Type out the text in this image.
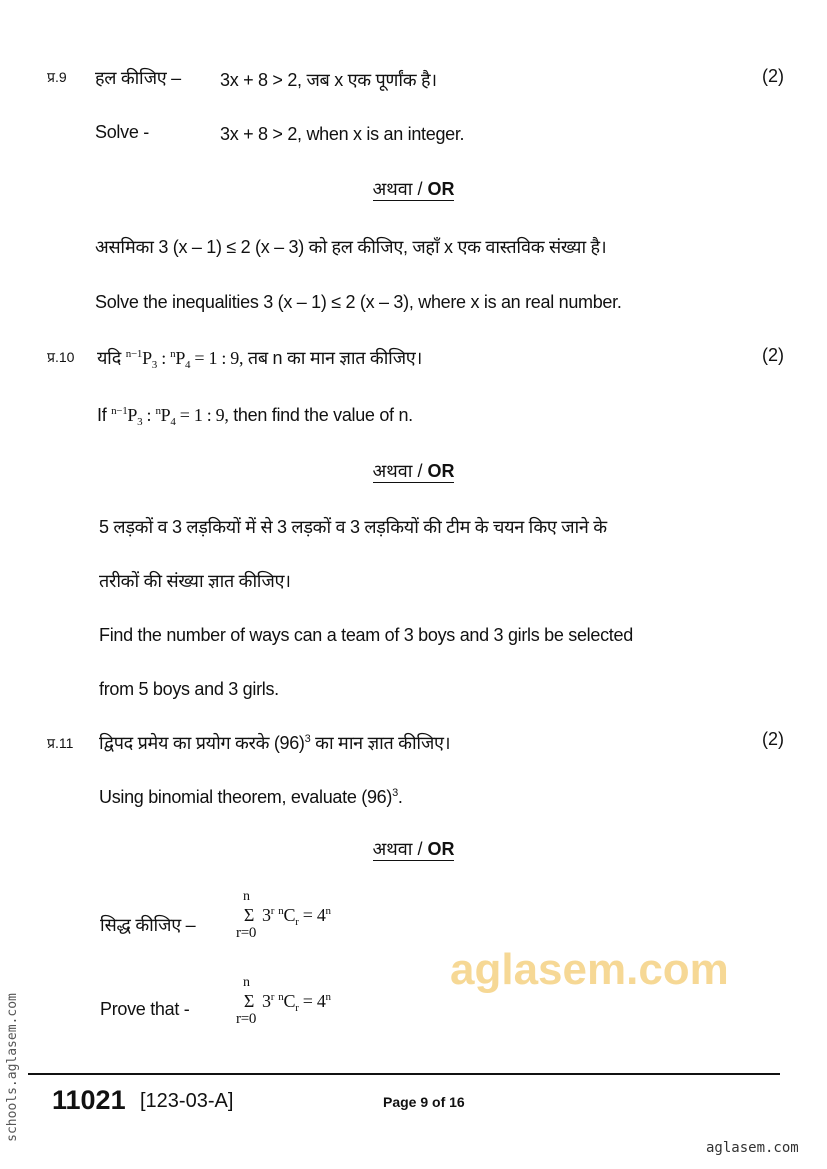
aglasem.com
schools.aglasem.com
प्र.9 हल कीजिए – 3x + 8 > 2, जब x एक पूर्णांक है।	(2)
Solve -	3x + 8 > 2, when x is an integer.
अथवा / OR
असमिका 3 (x – 1) ≤ 2 (x – 3) को हल कीजिए, जहाँ x एक वास्तविक संख्या है।
Solve the inequalities 3 (x – 1) ≤ 2 (x – 3), where x is an real number.
प्र.10	(2)
यदि $^{n-1}P_3$ : $^nP_4 = 1$ : 9, तब n का मान ज्ञात कीजिए।
If $^{n-1}P_3$ : $^nP_4 = 1$ : 9, then find the value of n.
अथवा / OR
5 लड़कों व 3 लड़कियों में से 3 लड़कों व 3 लड़कियों की टीम के चयन किए जाने के
तरीकों की संख्या ज्ञात कीजिए।
Find the number of ways can a team of 3 boys and 3 girls be selected
from 5 boys and 3 girls.
प्र.11	(2)
द्विपद प्रमेय का प्रयोग करके $(96)^3$ का मान ज्ञात कीजिए।
Using binomial theorem, evaluate $(96)^3$.
अथवा / OR
सिद्ध कीजिए –
n
Σ
r=0
3$^r$ $^nC_r = 4^n$
Prove that -
n
Σ
r=0
3$^r$ $^nC_r = 4^n$
11021 [123-03-A]	Page 9 of 16
aglasem.com
